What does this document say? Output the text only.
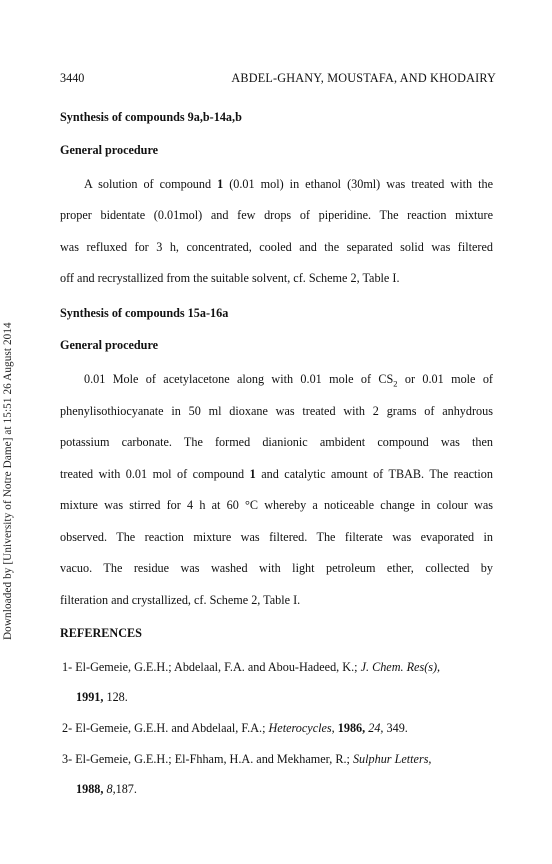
Downloaded by [University of Notre Dame] at 15:51 26 August 2014
3440	ABDEL-GHANY, MOUSTAFA, AND KHODAIRY
Synthesis of compounds 9a,b-14a,b
General procedure
A solution of compound 1 (0.01 mol) in ethanol (30ml) was treated with the
proper bidentate (0.01mol) and few drops of piperidine. The reaction mixture
was refluxed for 3 h, concentrated, cooled and the separated solid was filtered
off and recrystallized from the suitable solvent, cf. Scheme 2, Table I.
Synthesis of compounds 15a-16a
General procedure
0.01 Mole of acetylacetone along with 0.01 mole of $CS_2$ or 0.01 mole of
phenylisothiocyanate in 50 ml dioxane was treated with 2 grams of anhydrous
potassium carbonate. The formed dianionic ambident compound was then
treated with 0.01 mol of compound 1 and catalytic amount of TBAB. The reaction
mixture was stirred for 4 h at 60 °C whereby a noticeable change in colour was
observed. The reaction mixture was filtered. The filterate was evaporated in
vacuo. The residue was washed with light petroleum ether, collected by
filteration and crystallized, cf. Scheme 2, Table I.
REFERENCES
1- El-Gemeie, G.E.H.; Abdelaal, F.A. and Abou-Hadeed, K.; J. Chem. Res(s),
1991, 128.
2- El-Gemeie, G.E.H. and Abdelaal, F.A.; Heterocycles, 1986, 24, 349.
3- El-Gemeie, G.E.H.; El-Fhham, H.A. and Mekhamer, R.; Sulphur Letters,
1988, 8,187.
